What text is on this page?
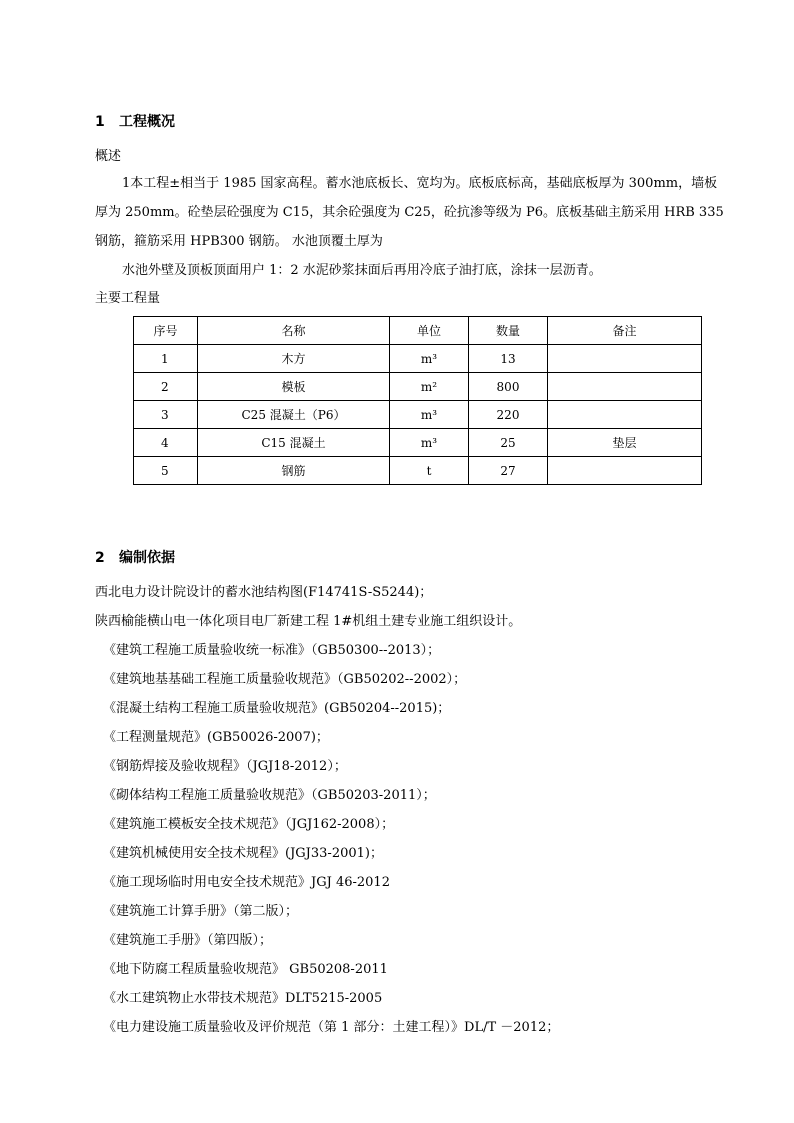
1 工程概况

概述

1本工程±相当于 1985 国家高程。蓄水池底板长、宽均为。底板底标高，基础底板厚为 300mm，墙板

厚为 250mm。砼垫层砼强度为 C15，其余砼强度为 C25，砼抗渗等级为 P6。底板基础主筋采用 HRB 335

钢筋，箍筋采用 HPB300 钢筋。 水池顶覆土厚为

水池外壁及顶板顶面用户 1：2 水泥砂浆抹面后再用冷底子油打底，涂抹一层沥青。

主要工程量

序号	名称	单位	数量	备注
1	木方	m³	13	
2	模板	m²	800	
3	C25 混凝土（P6）	m³	220	
4	C15 混凝土	m³	25	垫层
5	钢筋	t	27	
2 编制依据
西北电力设计院设计的蓄水池结构图(F14741S-S5244)；
陕西榆能横山电一体化项目电厂新建工程 1#机组土建专业施工组织设计。
《建筑工程施工质量验收统一标准》（GB50300--2013）；
《建筑地基基础工程施工质量验收规范》（GB50202--2002）；
《混凝土结构工程施工质量验收规范》(GB50204--2015)；
《工程测量规范》(GB50026-2007)；
《钢筋焊接及验收规程》（JGJ18-2012）；
《砌体结构工程施工质量验收规范》（GB50203-2011）；
《建筑施工模板安全技术规范》（JGJ162-2008）；
《建筑机械使用安全技术规程》(JGJ33-2001)；
《施工现场临时用电安全技术规范》JGJ 46-2012
《建筑施工计算手册》（第二版）；
《建筑施工手册》（第四版）；
《地下防腐工程质量验收规范》 GB50208-2011
《水工建筑物止水带技术规范》DLT5215-2005
《电力建设施工质量验收及评价规范（第 1 部分：土建工程）》DL/T －2012；
